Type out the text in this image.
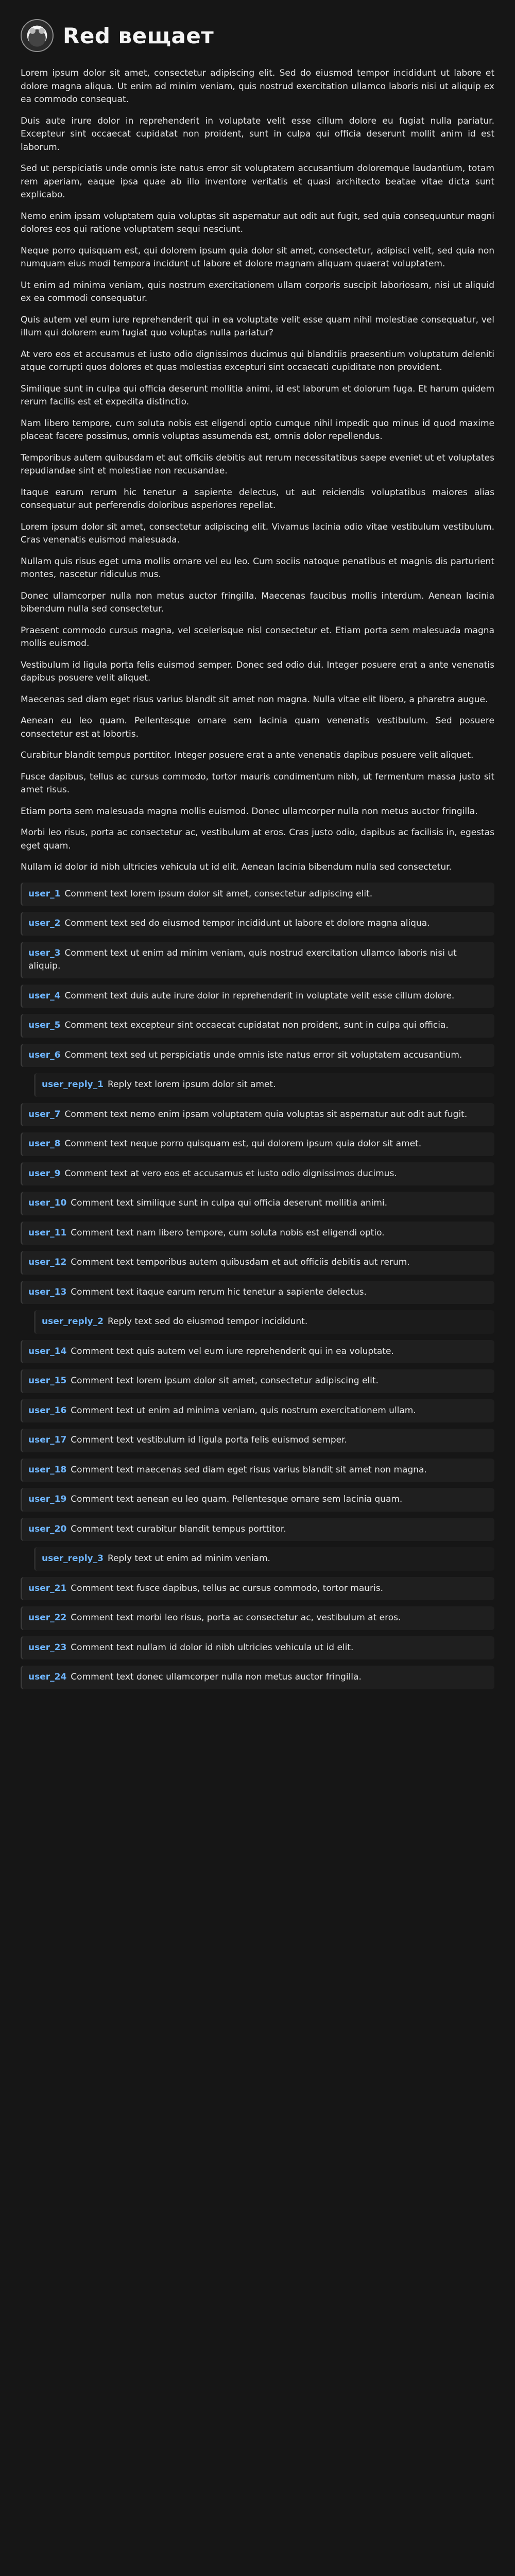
Red вещает

Lorem ipsum dolor sit amet, consectetur adipiscing elit. Sed do eiusmod tempor incididunt ut labore et dolore magna aliqua. Ut enim ad minim veniam, quis nostrud exercitation ullamco laboris nisi ut aliquip ex ea commodo consequat.

Duis aute irure dolor in reprehenderit in voluptate velit esse cillum dolore eu fugiat nulla pariatur. Excepteur sint occaecat cupidatat non proident, sunt in culpa qui officia deserunt mollit anim id est laborum.

Sed ut perspiciatis unde omnis iste natus error sit voluptatem accusantium doloremque laudantium, totam rem aperiam, eaque ipsa quae ab illo inventore veritatis et quasi architecto beatae vitae dicta sunt explicabo.

Nemo enim ipsam voluptatem quia voluptas sit aspernatur aut odit aut fugit, sed quia consequuntur magni dolores eos qui ratione voluptatem sequi nesciunt.

Neque porro quisquam est, qui dolorem ipsum quia dolor sit amet, consectetur, adipisci velit, sed quia non numquam eius modi tempora incidunt ut labore et dolore magnam aliquam quaerat voluptatem.

Ut enim ad minima veniam, quis nostrum exercitationem ullam corporis suscipit laboriosam, nisi ut aliquid ex ea commodi consequatur.

Quis autem vel eum iure reprehenderit qui in ea voluptate velit esse quam nihil molestiae consequatur, vel illum qui dolorem eum fugiat quo voluptas nulla pariatur?

At vero eos et accusamus et iusto odio dignissimos ducimus qui blanditiis praesentium voluptatum deleniti atque corrupti quos dolores et quas molestias excepturi sint occaecati cupiditate non provident.

Similique sunt in culpa qui officia deserunt mollitia animi, id est laborum et dolorum fuga. Et harum quidem rerum facilis est et expedita distinctio.

Nam libero tempore, cum soluta nobis est eligendi optio cumque nihil impedit quo minus id quod maxime placeat facere possimus, omnis voluptas assumenda est, omnis dolor repellendus.

Temporibus autem quibusdam et aut officiis debitis aut rerum necessitatibus saepe eveniet ut et voluptates repudiandae sint et molestiae non recusandae.

Itaque earum rerum hic tenetur a sapiente delectus, ut aut reiciendis voluptatibus maiores alias consequatur aut perferendis doloribus asperiores repellat.

Lorem ipsum dolor sit amet, consectetur adipiscing elit. Vivamus lacinia odio vitae vestibulum vestibulum. Cras venenatis euismod malesuada.

Nullam quis risus eget urna mollis ornare vel eu leo. Cum sociis natoque penatibus et magnis dis parturient montes, nascetur ridiculus mus.

Donec ullamcorper nulla non metus auctor fringilla. Maecenas faucibus mollis interdum. Aenean lacinia bibendum nulla sed consectetur.

Praesent commodo cursus magna, vel scelerisque nisl consectetur et. Etiam porta sem malesuada magna mollis euismod.

Vestibulum id ligula porta felis euismod semper. Donec sed odio dui. Integer posuere erat a ante venenatis dapibus posuere velit aliquet.

Maecenas sed diam eget risus varius blandit sit amet non magna. Nulla vitae elit libero, a pharetra augue.

Aenean eu leo quam. Pellentesque ornare sem lacinia quam venenatis vestibulum. Sed posuere consectetur est at lobortis.

Curabitur blandit tempus porttitor. Integer posuere erat a ante venenatis dapibus posuere velit aliquet.

Fusce dapibus, tellus ac cursus commodo, tortor mauris condimentum nibh, ut fermentum massa justo sit amet risus.

Etiam porta sem malesuada magna mollis euismod. Donec ullamcorper nulla non metus auctor fringilla.

Morbi leo risus, porta ac consectetur ac, vestibulum at eros. Cras justo odio, dapibus ac facilisis in, egestas eget quam.

Nullam id dolor id nibh ultricies vehicula ut id elit. Aenean lacinia bibendum nulla sed consectetur.

user_1 Comment text lorem ipsum dolor sit amet, consectetur adipiscing elit.
user_2 Comment text sed do eiusmod tempor incididunt ut labore et dolore magna aliqua.
user_3 Comment text ut enim ad minim veniam, quis nostrud exercitation ullamco laboris nisi ut aliquip.
user_4 Comment text duis aute irure dolor in reprehenderit in voluptate velit esse cillum dolore.
user_5 Comment text excepteur sint occaecat cupidatat non proident, sunt in culpa qui officia.
user_6 Comment text sed ut perspiciatis unde omnis iste natus error sit voluptatem accusantium.
user_reply_1 Reply text lorem ipsum dolor sit amet.
user_7 Comment text nemo enim ipsam voluptatem quia voluptas sit aspernatur aut odit aut fugit.
user_8 Comment text neque porro quisquam est, qui dolorem ipsum quia dolor sit amet.
user_9 Comment text at vero eos et accusamus et iusto odio dignissimos ducimus.
user_10 Comment text similique sunt in culpa qui officia deserunt mollitia animi.
user_11 Comment text nam libero tempore, cum soluta nobis est eligendi optio.
user_12 Comment text temporibus autem quibusdam et aut officiis debitis aut rerum.
user_13 Comment text itaque earum rerum hic tenetur a sapiente delectus.
user_reply_2 Reply text sed do eiusmod tempor incididunt.
user_14 Comment text quis autem vel eum iure reprehenderit qui in ea voluptate.
user_15 Comment text lorem ipsum dolor sit amet, consectetur adipiscing elit.
user_16 Comment text ut enim ad minima veniam, quis nostrum exercitationem ullam.
user_17 Comment text vestibulum id ligula porta felis euismod semper.
user_18 Comment text maecenas sed diam eget risus varius blandit sit amet non magna.
user_19 Comment text aenean eu leo quam. Pellentesque ornare sem lacinia quam.
user_20 Comment text curabitur blandit tempus porttitor.
user_reply_3 Reply text ut enim ad minim veniam.
user_21 Comment text fusce dapibus, tellus ac cursus commodo, tortor mauris.
user_22 Comment text morbi leo risus, porta ac consectetur ac, vestibulum at eros.
user_23 Comment text nullam id dolor id nibh ultricies vehicula ut id elit.
user_24 Comment text donec ullamcorper nulla non metus auctor fringilla.
